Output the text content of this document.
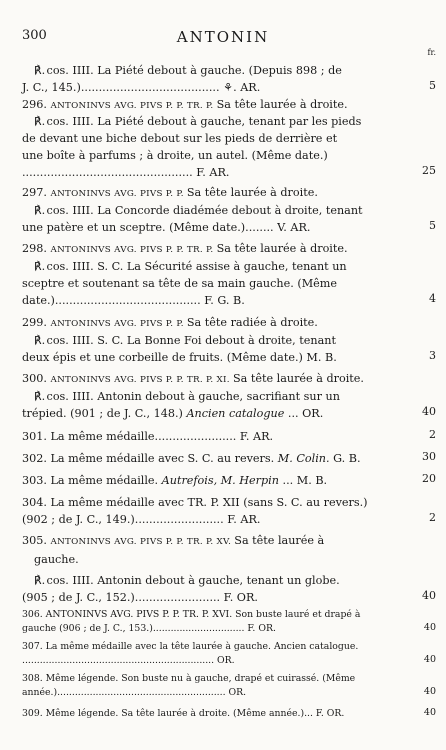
300	ANTONIN
fr.
℟. cos. IIII. La Piété debout à gauche. (Depuis 898 ; de
J. C., 145.)....................................... ⚘. AR.	5
296. ANTONINVS AVG. PIVS P. P. TR. P. Sa tête laurée à droite.
℟. cos. IIII. La Piété debout à gauche, tenant par les pieds
de devant une biche debout sur les pieds de derrière et
une boîte à parfums ; à droite, un autel. (Même date.)
................................................ F. AR.	25
297. ANTONINVS AVG. PIVS P. P. Sa tête laurée à droite.
℟. cos. IIII. La Concorde diadémée debout à droite, tenant
une patère et un sceptre. (Même date.)........ V. AR.	5
298. ANTONINVS AVG. PIVS P. P. TR. P. Sa tête laurée à droite.
℟. cos. IIII. S. C. La Sécurité assise à gauche, tenant un
sceptre et soutenant sa tête de sa main gauche. (Même
date.)......................................... F. G. B.	4
299. ANTONINVS AVG. PIVS P. P. Sa tête radiée à droite.
℟. cos. IIII. S. C. La Bonne Foi debout à droite, tenant
deux épis et une corbeille de fruits. (Même date.) M. B.	3
300. ANTONINVS AVG. PIVS P. P. TR. P. XI. Sa tête laurée à droite.
℟. cos. IIII. Antonin debout à gauche, sacrifiant sur un
trépied. (901 ; de J. C., 148.) Ancien catalogue ... OR.	40
301. La même médaille....................... F. AR.	2
302. La même médaille avec S. C. au revers. M. Colin. G. B.	30
303. La même médaille. Autrefois, M. Herpin ... M. B.	20
304. La même médaille avec TR. P. XII (sans S. C. au revers.)
(902 ; de J. C., 149.)......................... F. AR.	2
305. ANTONINVS AVG. PIVS P. P. TR. P. XV. Sa tête laurée à
gauche.
℟. cos. IIII. Antonin debout à gauche, tenant un globe.
(905 ; de J. C., 152.)........................ F. OR.	40
306. ANTONINVS AVG. PIVS P. P. TR. P. XVI. Son buste lauré et drapé à
gauche (906 ; de J. C., 153.)............................... F. OR.	40
307. La même médaille avec la tête laurée à gauche. Ancien catalogue.
................................................................. OR.	40
308. Même légende. Son buste nu à gauche, drapé et cuirassé. (Même
année.)......................................................... OR.	40
309. Même légende. Sa tête laurée à droite. (Même année.)... F. OR.	40
